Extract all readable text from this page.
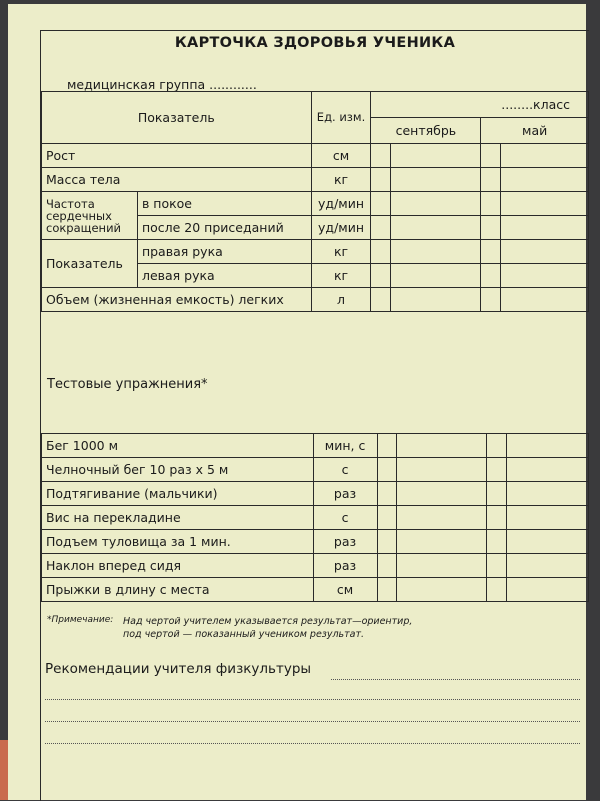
КАРТОЧКА ЗДОРОВЬЯ УЧЕНИКА
медицинская группа ............
Показатель		Ед. изм.	........класс			
			сентябрь		май	
Рост		см				
Масса тела		кг				
Частота сердечных сокращений	в покое	уд/мин				
	после 20 приседаний	уд/мин				
Показатель	правая рука	кг				
	левая рука	кг				
Объем (жизненная емкость) легких		л				
Тестовые упражнения*
Бег 1000 м	мин, с				
Челночный бег 10 раз х 5 м	с				
Подтягивание (мальчики)	раз				
Вис на перекладине	с				
Подъем туловища за 1 мин.	раз				
Наклон вперед сидя	раз				
Прыжки в длину с места	см				
*Примечание: Над чертой учителем указывается результат—ориентир,
под чертой — показанный учеником результат.
Рекомендации учителя физкультуры
